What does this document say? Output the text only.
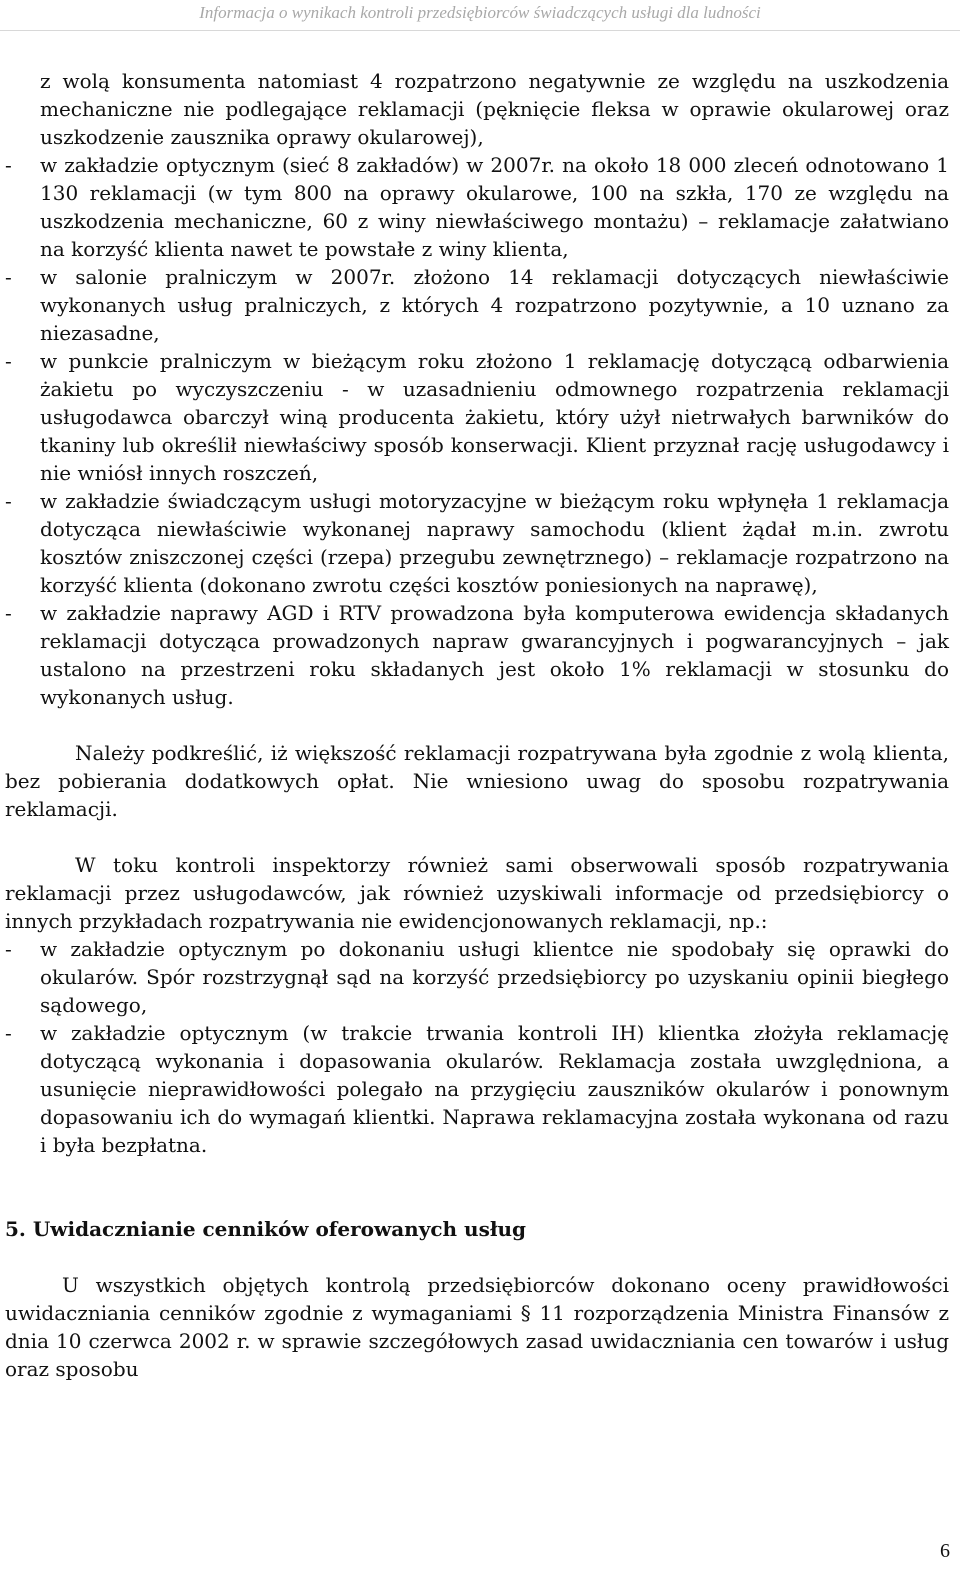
Informacja o wynikach kontroli przedsiębiorców świadczących usługi dla ludności

z wolą konsumenta natomiast 4 rozpatrzono negatywnie ze względu na uszkodzenia mechaniczne nie podlegające reklamacji (pęknięcie fleksa w oprawie okularowej oraz uszkodzenie zausznika oprawy okularowej),

- w zakładzie optycznym (sieć 8 zakładów) w 2007r. na około 18 000 zleceń odnotowano 1 130 reklamacji (w tym 800 na oprawy okularowe, 100 na szkła, 170 ze względu na uszkodzenia mechaniczne, 60 z winy niewłaściwego montażu) – reklamacje załatwiano na korzyść klienta nawet te powstałe z winy klienta,
- w salonie pralniczym w 2007r. złożono 14 reklamacji dotyczących niewłaściwie wykonanych usług pralniczych, z których 4 rozpatrzono pozytywnie, a 10 uznano za niezasadne,
- w punkcie pralniczym w bieżącym roku złożono 1 reklamację dotyczącą odbarwienia żakietu po wyczyszczeniu - w uzasadnieniu odmownego rozpatrzenia reklamacji usługodawca obarczył winą producenta żakietu, który użył nietrwałych barwników do tkaniny lub określił niewłaściwy sposób konserwacji. Klient przyznał rację usługodawcy i nie wniósł innych roszczeń,
- w zakładzie świadczącym usługi motoryzacyjne w bieżącym roku wpłynęła 1 reklamacja dotycząca niewłaściwie wykonanej naprawy samochodu (klient żądał m.in. zwrotu kosztów zniszczonej części (rzepa) przegubu zewnętrznego) – reklamacje rozpatrzono na korzyść klienta (dokonano zwrotu części kosztów poniesionych na naprawę),
- w zakładzie naprawy AGD i RTV prowadzona była komputerowa ewidencja składanych reklamacji dotycząca prowadzonych napraw gwarancyjnych i pogwarancyjnych – jak ustalono na przestrzeni roku składanych jest około 1% reklamacji w stosunku do wykonanych usług.

Należy podkreślić, iż większość reklamacji rozpatrywana była zgodnie z wolą klienta, bez pobierania dodatkowych opłat. Nie wniesiono uwag do sposobu rozpatrywania reklamacji.

W toku kontroli inspektorzy również sami obserwowali sposób rozpatrywania reklamacji przez usługodawców, jak również uzyskiwali informacje od przedsiębiorcy o innych przykładach rozpatrywania nie ewidencjonowanych reklamacji, np.:

- w zakładzie optycznym po dokonaniu usługi klientce nie spodobały się oprawki do okularów. Spór rozstrzygnął sąd na korzyść przedsiębiorcy po uzyskaniu opinii biegłego sądowego,
- w zakładzie optycznym (w trakcie trwania kontroli IH) klientka złożyła reklamację dotyczącą wykonania i dopasowania okularów. Reklamacja została uwzględniona, a usunięcie nieprawidłowości polegało na przygięciu zauszników okularów i ponownym dopasowaniu ich do wymagań klientki. Naprawa reklamacyjna została wykonana od razu i była bezpłatna.

5. Uwidacznianie cenników oferowanych usług

U wszystkich objętych kontrolą przedsiębiorców dokonano oceny prawidłowości uwidaczniania cenników zgodnie z wymaganiami § 11 rozporządzenia Ministra Finansów z dnia 10 czerwca 2002 r. w sprawie szczegółowych zasad uwidaczniania cen towarów i usług oraz sposobu

6
